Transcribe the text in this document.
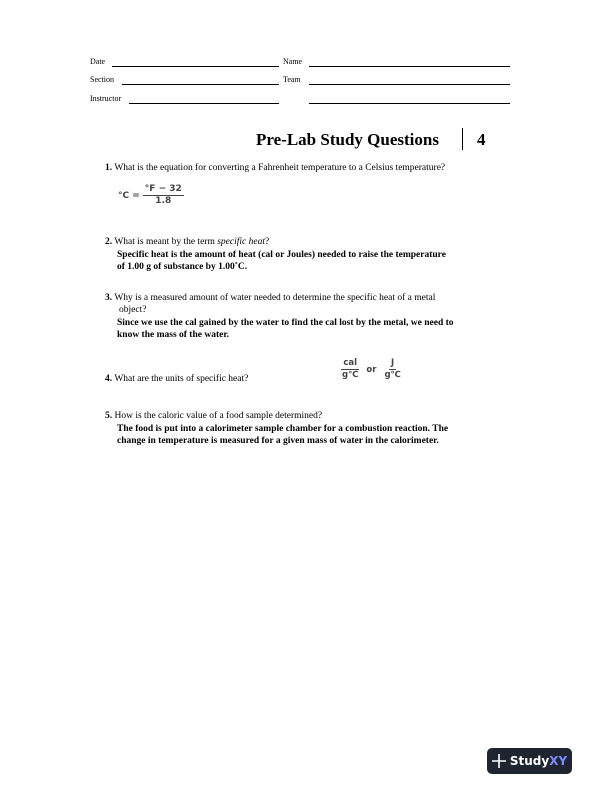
Date	Name
Section	Team
Instructor
Pre-Lab Study Questions 4
1. What is the equation for converting a Fahrenheit temperature to a Celsius temperature?
$^\circ C = \frac{^\circ F - 32}{1.8}$
2. What is meant by the term specific heat?
Specific heat is the amount of heat (cal or Joules) needed to raise the temperature
of 1.00 g of substance by 1.00˚C.
3. Why is a measured amount of water needed to determine the specific heat of a metal
object?
Since we use the cal gained by the water to find the cal lost by the metal, we need to
know the mass of the water.
4. What are the units of specific heat?	$\frac{\text{cal}}{g℃}$ or $\frac{J}{g℃}$
5. How is the caloric value of a food sample determined?
The food is put into a calorimeter sample chamber for a combustion reaction. The
change in temperature is measured for a given mass of water in the calorimeter.
Study XY
